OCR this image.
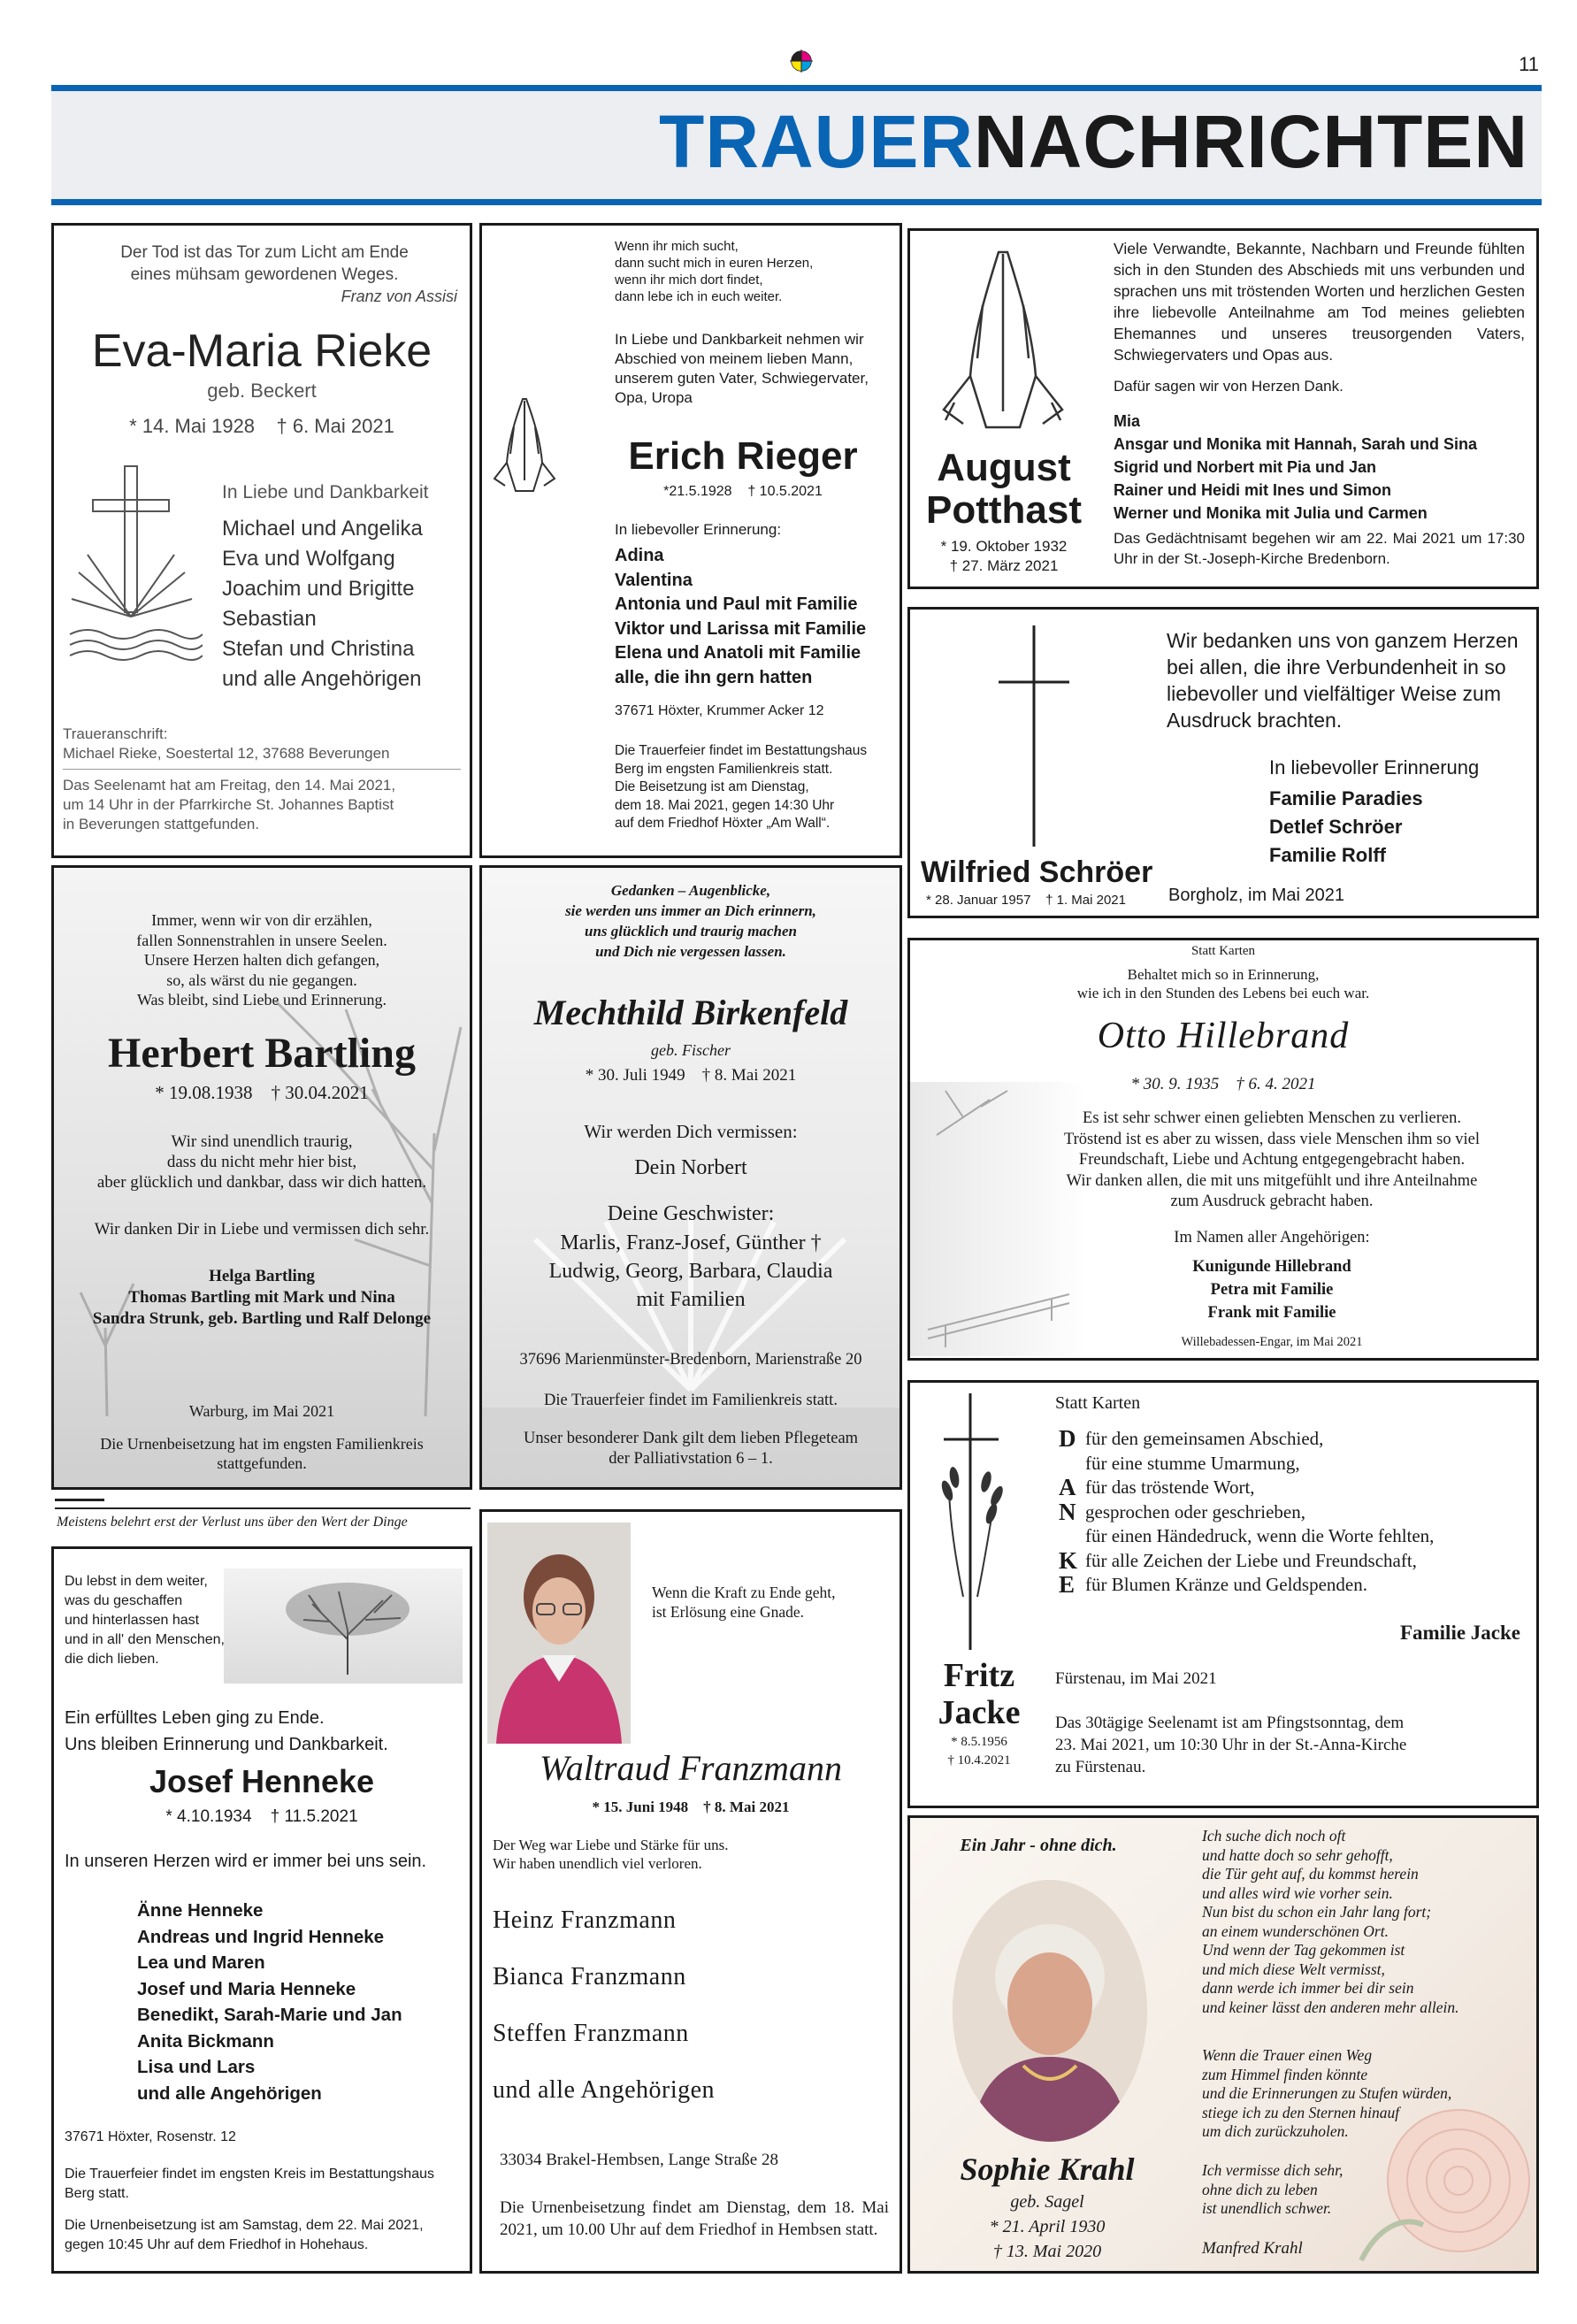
11
TRAUERNACHRICHTEN
Der Tod ist das Tor zum Licht am Ende
eines mühsam gewordenen Weges.
Franz von Assisi
Eva-Maria Rieke
geb. Beckert
* 14. Mai 1928    † 6. Mai 2021
In Liebe und Dankbarkeit
Michael und Angelika
Eva und Wolfgang
Joachim und Brigitte
Sebastian
Stefan und Christina
und alle Angehörigen
Traueranschrift:
Michael Rieke, Soestertal 12, 37688 Beverungen
Das Seelenamt hat am Freitag, den 14. Mai 2021,
um 14 Uhr in der Pfarrkirche St. Johannes Baptist
in Beverungen stattgefunden.
Wenn ihr mich sucht,
dann sucht mich in euren Herzen,
wenn ihr mich dort findet,
dann lebe ich in euch weiter.
In Liebe und Dankbarkeit nehmen wir
Abschied von meinem lieben Mann,
unserem guten Vater, Schwiegervater,
Opa, Uropa
Erich Rieger
*21.5.1928    † 10.5.2021
In liebevoller Erinnerung:
Adina
Valentina
Antonia und Paul mit Familie
Viktor und Larissa mit Familie
Elena und Anatoli mit Familie
alle, die ihn gern hatten
37671 Höxter, Krummer Acker 12
Die Trauerfeier findet im Bestattungshaus
Berg im engsten Familienkreis statt.
Die Beisetzung ist am Dienstag,
dem 18. Mai 2021, gegen 14:30 Uhr
auf dem Friedhof Höxter „Am Wall“.
August
Potthast
* 19. Oktober 1932
† 27. März 2021
Viele Verwandte, Bekannte, Nachbarn und Freunde fühlten sich in den Stunden des Abschieds mit uns verbunden und sprachen uns mit tröstenden Worten und herzlichen Gesten ihre liebevolle Anteilnahme am Tod meines geliebten Ehemannes und unseres treusorgenden Vaters, Schwiegervaters und Opas aus.
Dafür sagen wir von Herzen Dank.
Mia
Ansgar und Monika mit Hannah, Sarah und Sina
Sigrid und Norbert mit Pia und Jan
Rainer und Heidi mit Ines und Simon
Werner und Monika mit Julia und Carmen
Das Gedächtnisamt begehen wir am 22. Mai 2021 um 17:30 Uhr in der St.-Joseph-Kirche Bredenborn.
Wir bedanken uns von ganzem Herzen
bei allen, die ihre Verbundenheit in so
liebevoller und vielfältiger Weise zum
Ausdruck brachten.
In liebevoller Erinnerung
Familie Paradies
Detlef Schröer
Familie Rolff
Wilfried Schröer
* 28. Januar 1957    † 1. Mai 2021 Borgholz, im Mai 2021
Immer, wenn wir von dir erzählen,
fallen Sonnenstrahlen in unsere Seelen.
Unsere Herzen halten dich gefangen,
so, als wärst du nie gegangen.
Was bleibt, sind Liebe und Erinnerung.
Herbert Bartling
* 19.08.1938    † 30.04.2021
Wir sind unendlich traurig,
dass du nicht mehr hier bist,
aber glücklich und dankbar, dass wir dich hatten.
Wir danken Dir in Liebe und vermissen dich sehr.
Helga Bartling
Thomas Bartling mit Mark und Nina
Sandra Strunk, geb. Bartling und Ralf Delonge
Warburg, im Mai 2021
Die Urnenbeisetzung hat im engsten Familienkreis
stattgefunden.
Meistens belehrt erst der Verlust uns über den Wert der Dinge
Gedanken – Augenblicke,
sie werden uns immer an Dich erinnern,
uns glücklich und traurig machen
und Dich nie vergessen lassen.
Mechthild Birkenfeld
geb. Fischer
* 30. Juli 1949    † 8. Mai 2021
Wir werden Dich vermissen:
Dein Norbert
Deine Geschwister:
Marlis, Franz-Josef, Günther †
Ludwig, Georg, Barbara, Claudia
mit Familien
37696 Marienmünster-Bredenborn, Marienstraße 20
Die Trauerfeier findet im Familienkreis statt.
Unser besonderer Dank gilt dem lieben Pflegeteam
der Palliativstation 6 – 1.
Statt Karten
Behaltet mich so in Erinnerung,
wie ich in den Stunden des Lebens bei euch war.
Otto Hillebrand
* 30. 9. 1935    † 6. 4. 2021
Es ist sehr schwer einen geliebten Menschen zu verlieren.
Tröstend ist es aber zu wissen, dass viele Menschen ihm so viel
Freundschaft, Liebe und Achtung entgegengebracht haben.
Wir danken allen, die mit uns mitgefühlt und ihre Anteilnahme
zum Ausdruck gebracht haben.
Im Namen aller Angehörigen:
Kunigunde Hillebrand
Petra mit Familie
Frank mit Familie
Willebadessen-Engar, im Mai 2021
Du lebst in dem weiter,
was du geschaffen
und hinterlassen hast
und in all' den Menschen,
die dich lieben.
Ein erfülltes Leben ging zu Ende.
Uns bleiben Erinnerung und Dankbarkeit.
Josef Henneke
* 4.10.1934    † 11.5.2021
In unseren Herzen wird er immer bei uns sein.
Änne Henneke
Andreas und Ingrid Henneke
Lea und Maren
Josef und Maria Henneke
Benedikt, Sarah-Marie und Jan
Anita Bickmann
Lisa und Lars
und alle Angehörigen
37671 Höxter, Rosenstr. 12
Die Trauerfeier findet im engsten Kreis im Bestattungshaus Berg statt.
Die Urnenbeisetzung ist am Samstag, dem 22. Mai 2021, gegen 10:45 Uhr auf dem Friedhof in Hohehaus.
Wenn die Kraft zu Ende geht,
ist Erlösung eine Gnade.
Waltraud Franzmann
* 15. Juni 1948    † 8. Mai 2021
Der Weg war Liebe und Stärke für uns.
Wir haben unendlich viel verloren.
Heinz Franzmann
Bianca Franzmann
Steffen Franzmann
und alle Angehörigen
33034 Brakel-Hembsen, Lange Straße 28
Die Urnenbeisetzung findet am Dienstag, dem 18. Mai 2021, um 10.00 Uhr auf dem Friedhof in Hembsen statt.
Fritz
Jacke
* 8.5.1956
† 10.4.2021
Statt Karten
D für den gemeinsamen Abschied,
für eine stumme Umarmung,
A für das tröstende Wort,
N gesprochen oder geschrieben,
für einen Händedruck, wenn die Worte fehlten,
K für alle Zeichen der Liebe und Freundschaft,
E für Blumen Kränze und Geldspenden.
Familie Jacke
Fürstenau, im Mai 2021
Das 30tägige Seelenamt ist am Pfingstsonntag, dem
23. Mai 2021, um 10:30 Uhr in der St.-Anna-Kirche
zu Fürstenau.
Ein Jahr - ohne dich.
Sophie Krahl
geb. Sagel
* 21. April 1930
† 13. Mai 2020
Ich suche dich noch oft
und hatte doch so sehr gehofft,
die Tür geht auf, du kommst herein
und alles wird wie vorher sein.
Nun bist du schon ein Jahr lang fort;
an einem wunderschönen Ort.
Und wenn der Tag gekommen ist
und mich diese Welt vermisst,
dann werde ich immer bei dir sein
und keiner lässt den anderen mehr allein.
Wenn die Trauer einen Weg
zum Himmel finden könnte
und die Erinnerungen zu Stufen würden,
stiege ich zu den Sternen hinauf
um dich zurückzuholen.
Ich vermisse dich sehr,
ohne dich zu leben
ist unendlich schwer.
Manfred Krahl
